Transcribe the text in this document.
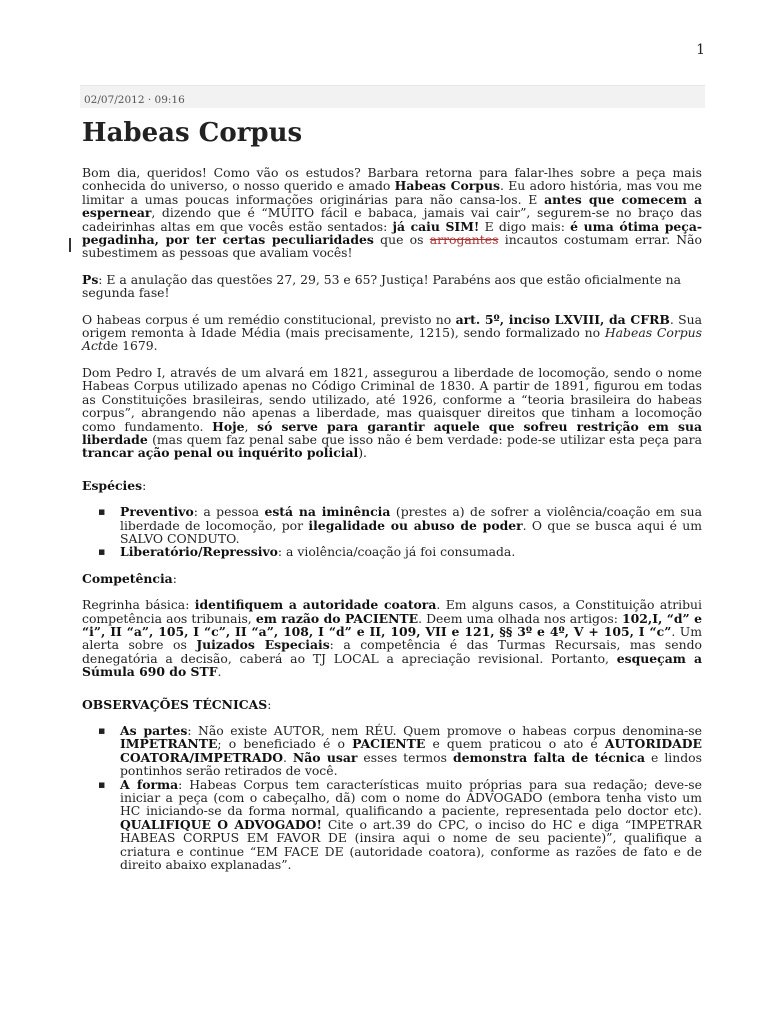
1
02/07/2012 · 09:16
Habeas Corpus

Bom dia, queridos! Como vão os estudos? Barbara retorna para falar-lhes sobre a peça mais conhecida do universo, o nosso querido e amado Habeas Corpus. Eu adoro história, mas vou me limitar a umas poucas informações originárias para não cansa-los. E antes que comecem a espernear, dizendo que é “MUITO fácil e babaca, jamais vai cair”, segurem-se no braço das cadeirinhas altas em que vocês estão sentados: já caiu SIM! E digo mais: é uma ótima peça-pegadinha, por ter certas peculiaridades que os arrogantes incautos costumam errar. Não subestimem as pessoas que avaliam vocês!

Ps: E a anulação das questões 27, 29, 53 e 65? Justiça! Parabéns aos que estão oficialmente na segunda fase!

O habeas corpus é um remédio constitucional, previsto no art. 5º, inciso LXVIII, da CFRB. Sua origem remonta à Idade Média (mais precisamente, 1215), sendo formalizado no Habeas Corpus Actde 1679.

Dom Pedro I, através de um alvará em 1821, assegurou a liberdade de locomoção, sendo o nome Habeas Corpus utilizado apenas no Código Criminal de 1830. A partir de 1891, figurou em todas as Constituições brasileiras, sendo utilizado, até 1926, conforme a “teoria brasileira do habeas corpus”, abrangendo não apenas a liberdade, mas quaisquer direitos que tinham a locomoção como fundamento. Hoje, só serve para garantir aquele que sofreu restrição em sua liberdade (mas quem faz penal sabe que isso não é bem verdade: pode-se utilizar esta peça para trancar ação penal ou inquérito policial).

Espécies:

▪ Preventivo: a pessoa está na iminência (prestes a) de sofrer a violência/coação em sua liberdade de locomoção, por ilegalidade ou abuso de poder. O que se busca aqui é um SALVO CONDUTO.
▪ Liberatório/Repressivo: a violência/coação já foi consumada.

Competência:

Regrinha básica: identifiquem a autoridade coatora. Em alguns casos, a Constituição atribui competência aos tribunais, em razão do PACIENTE. Deem uma olhada nos artigos: 102,I, “d” e “i”, II “a”, 105, I “c”, II “a”, 108, I “d” e II, 109, VII e 121, §§ 3º e 4º, V + 105, I “c”. Um alerta sobre os Juizados Especiais: a competência é das Turmas Recursais, mas sendo denegatória a decisão, caberá ao TJ LOCAL a apreciação revisional. Portanto, esqueçam a Súmula 690 do STF.

OBSERVAÇÕES TÉCNICAS:

▪ As partes: Não existe AUTOR, nem RÉU. Quem promove o habeas corpus denomina-se IMPETRANTE; o beneficiado é o PACIENTE e quem praticou o ato é AUTORIDADE COATORA/IMPETRADO. Não usar esses termos demonstra falta de técnica e lindos pontinhos serão retirados de você.
▪ A forma: Habeas Corpus tem características muito próprias para sua redação; deve-se iniciar a peça (com o cabeçalho, dã) com o nome do ADVOGADO (embora tenha visto um HC iniciando-se da forma normal, qualificando a paciente, representada pelo doctor etc). QUALIFIQUE O ADVOGADO! Cite o art.39 do CPC, o inciso do HC e diga “IMPETRAR HABEAS CORPUS EM FAVOR DE (insira aqui o nome de seu paciente)”, qualifique a criatura e continue “EM FACE DE (autoridade coatora), conforme as razões de fato e de direito abaixo explanadas”.
